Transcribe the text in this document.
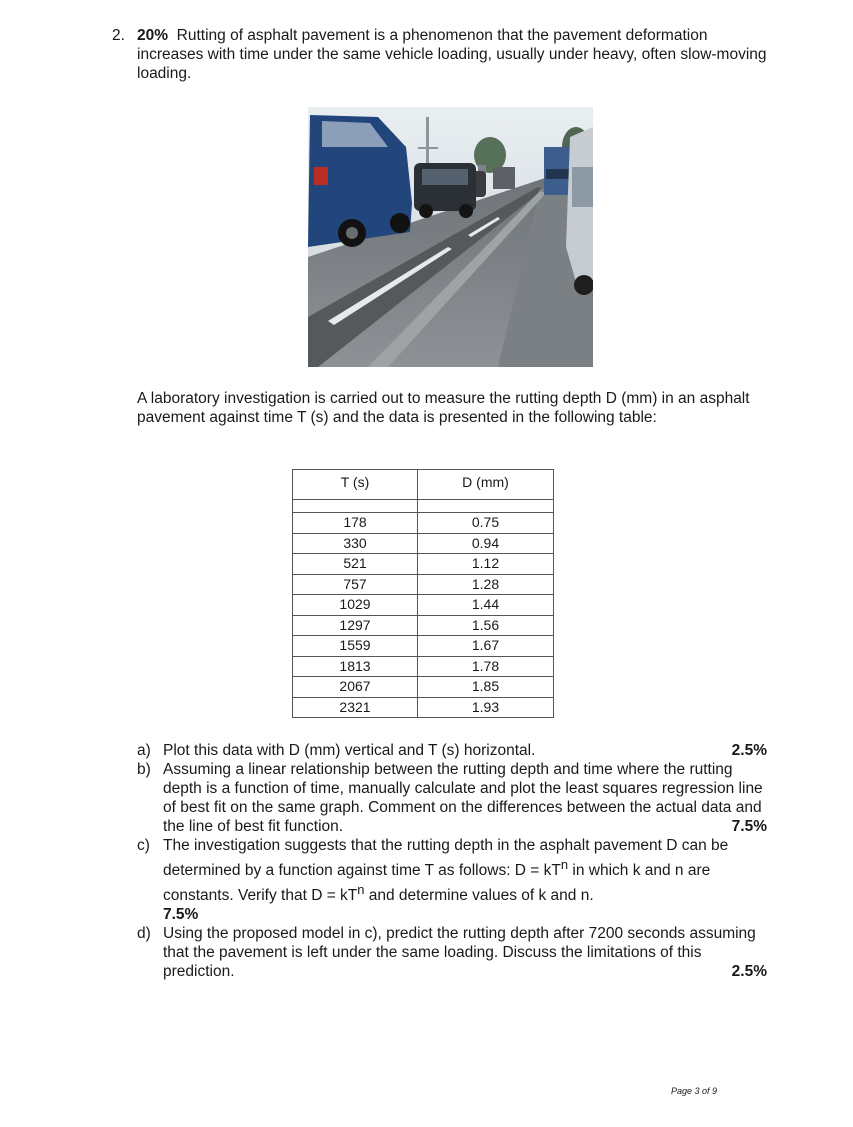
2. 20% Rutting of asphalt pavement is a phenomenon that the pavement deformation increases with time under the same vehicle loading, usually under heavy, often slow-moving loading.
A laboratory investigation is carried out to measure the rutting depth D (mm) in an asphalt pavement against time T (s) and the data is presented in the following table:
T (s)	D (mm)

178	0.75
330	0.94
521	1.12
757	1.28
1029	1.44
1297	1.56
1559	1.67
1813	1.78
2067	1.85
2321	1.93
a) Plot this data with D (mm) vertical and T (s) horizontal.	2.5%
b) Assuming a linear relationship between the rutting depth and time where the rutting depth is a function of time, manually calculate and plot the least squares regression line of best fit on the same graph. Comment on the differences between the actual data and the line of best fit function.	7.5%
c) The investigation suggests that the rutting depth in the asphalt pavement D can be determined by a function against time T as follows: $D = kT^n$ in which k and n are constants. Verify that $D = kT^n$ and determine values of k and n.
7.5%
d) Using the proposed model in c), predict the rutting depth after 7200 seconds assuming that the pavement is left under the same loading. Discuss the limitations of this prediction.	2.5%
Page 3 of 9
